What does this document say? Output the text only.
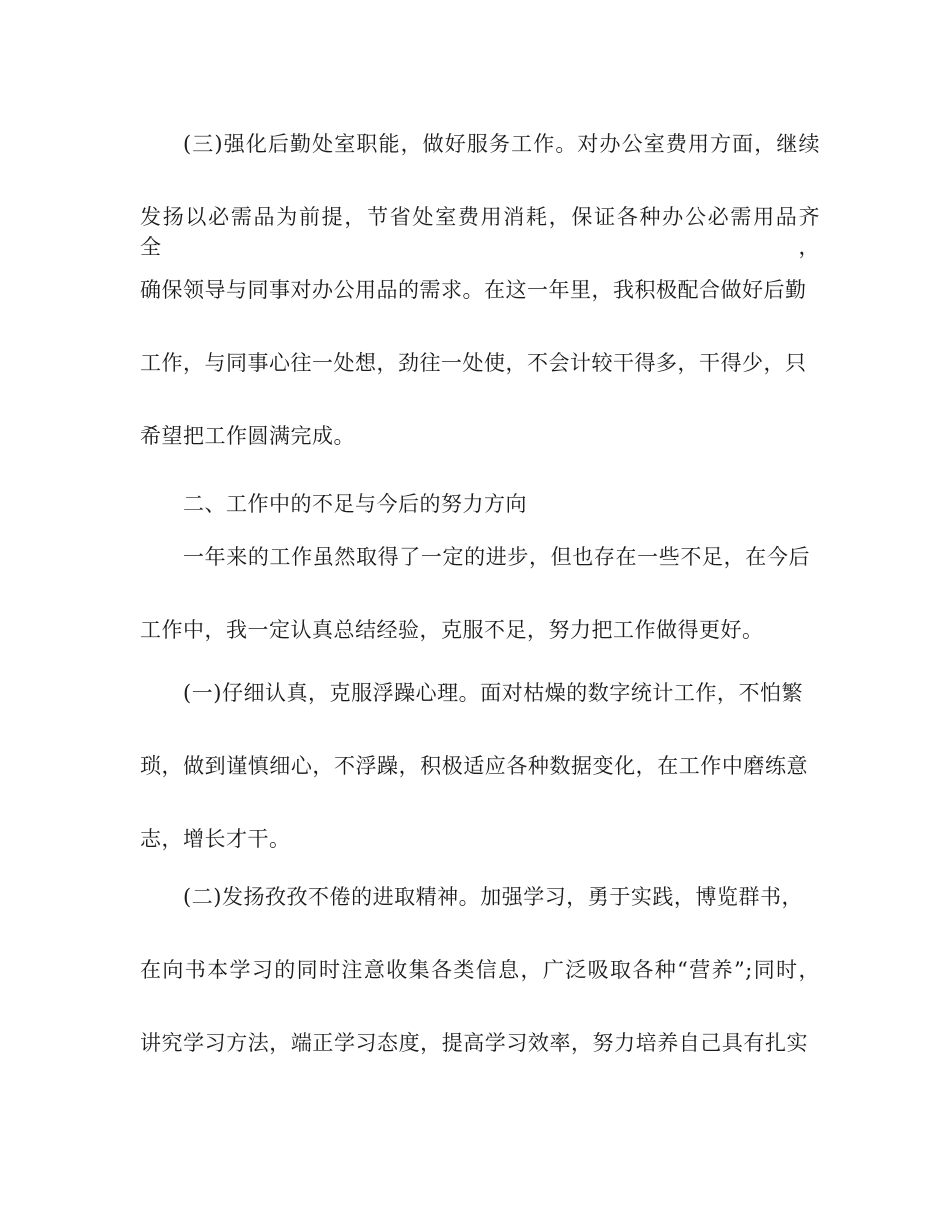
(三)强化后勤处室职能，做好服务工作。对办公室费用方面，继续

发扬以必需品为前提，节省处室费用消耗，保证各种办公必需用品齐全，

确保领导与同事对办公用品的需求。在这一年里，我积极配合做好后勤

工作，与同事心往一处想，劲往一处使，不会计较干得多，干得少，只

希望把工作圆满完成。

二、工作中的不足与今后的努力方向

一年来的工作虽然取得了一定的进步，但也存在一些不足，在今后

工作中，我一定认真总结经验，克服不足，努力把工作做得更好。

(一)仔细认真，克服浮躁心理。面对枯燥的数字统计工作，不怕繁

琐，做到谨慎细心，不浮躁，积极适应各种数据变化，在工作中磨练意

志，增长才干。

(二)发扬孜孜不倦的进取精神。加强学习，勇于实践，博览群书，

在向书本学习的同时注意收集各类信息，广泛吸取各种“营养”;同时，

讲究学习方法，端正学习态度，提高学习效率，努力培养自己具有扎实
